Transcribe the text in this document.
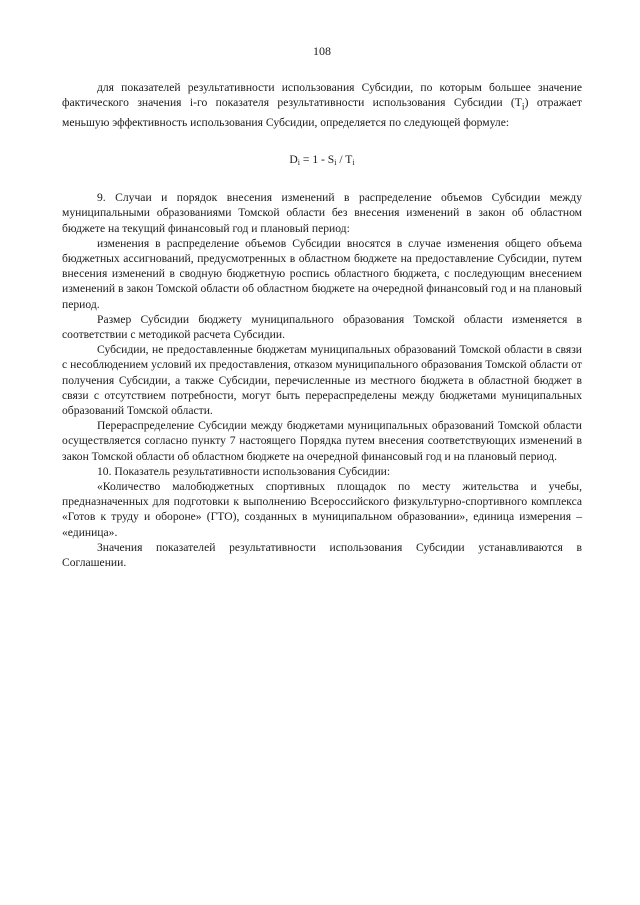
108

для показателей результативности использования Субсидии, по которым большее значение фактического значения i-го показателя результативности использования Субсидии $(T_i)$ отражает меньшую эффективность использования Субсидии, определяется по следующей формуле:

$D_i = 1 - S_i / T_i$

9. Случаи и порядок внесения изменений в распределение объемов Субсидии между муниципальными образованиями Томской области без внесения изменений в закон об областном бюджете на текущий финансовый год и плановый период:

изменения в распределение объемов Субсидии вносятся в случае изменения общего объема бюджетных ассигнований, предусмотренных в областном бюджете на предоставление Субсидии, путем внесения изменений в сводную бюджетную роспись областного бюджета, с последующим внесением изменений в закон Томской области об областном бюджете на очередной финансовый год и на плановый период.

Размер Субсидии бюджету муниципального образования Томской области изменяется в соответствии с методикой расчета Субсидии.

Субсидии, не предоставленные бюджетам муниципальных образований Томской области в связи с несоблюдением условий их предоставления, отказом муниципального образования Томской области от получения Субсидии, а также Субсидии, перечисленные из местного бюджета в областной бюджет в связи с отсутствием потребности, могут быть перераспределены между бюджетами муниципальных образований Томской области.

Перераспределение Субсидии между бюджетами муниципальных образований Томской области осуществляется согласно пункту 7 настоящего Порядка путем внесения соответствующих изменений в закон Томской области об областном бюджете на очередной финансовый год и на плановый период.

10. Показатель результативности использования Субсидии:

«Количество малобюджетных спортивных площадок по месту жительства и учебы, предназначенных для подготовки к выполнению Всероссийского физкультурно-спортивного комплекса «Готов к труду и обороне» (ГТО), созданных в муниципальном образовании», единица измерения – «единица».

Значения показателей результативности использования Субсидии устанавливаются в Соглашении.
